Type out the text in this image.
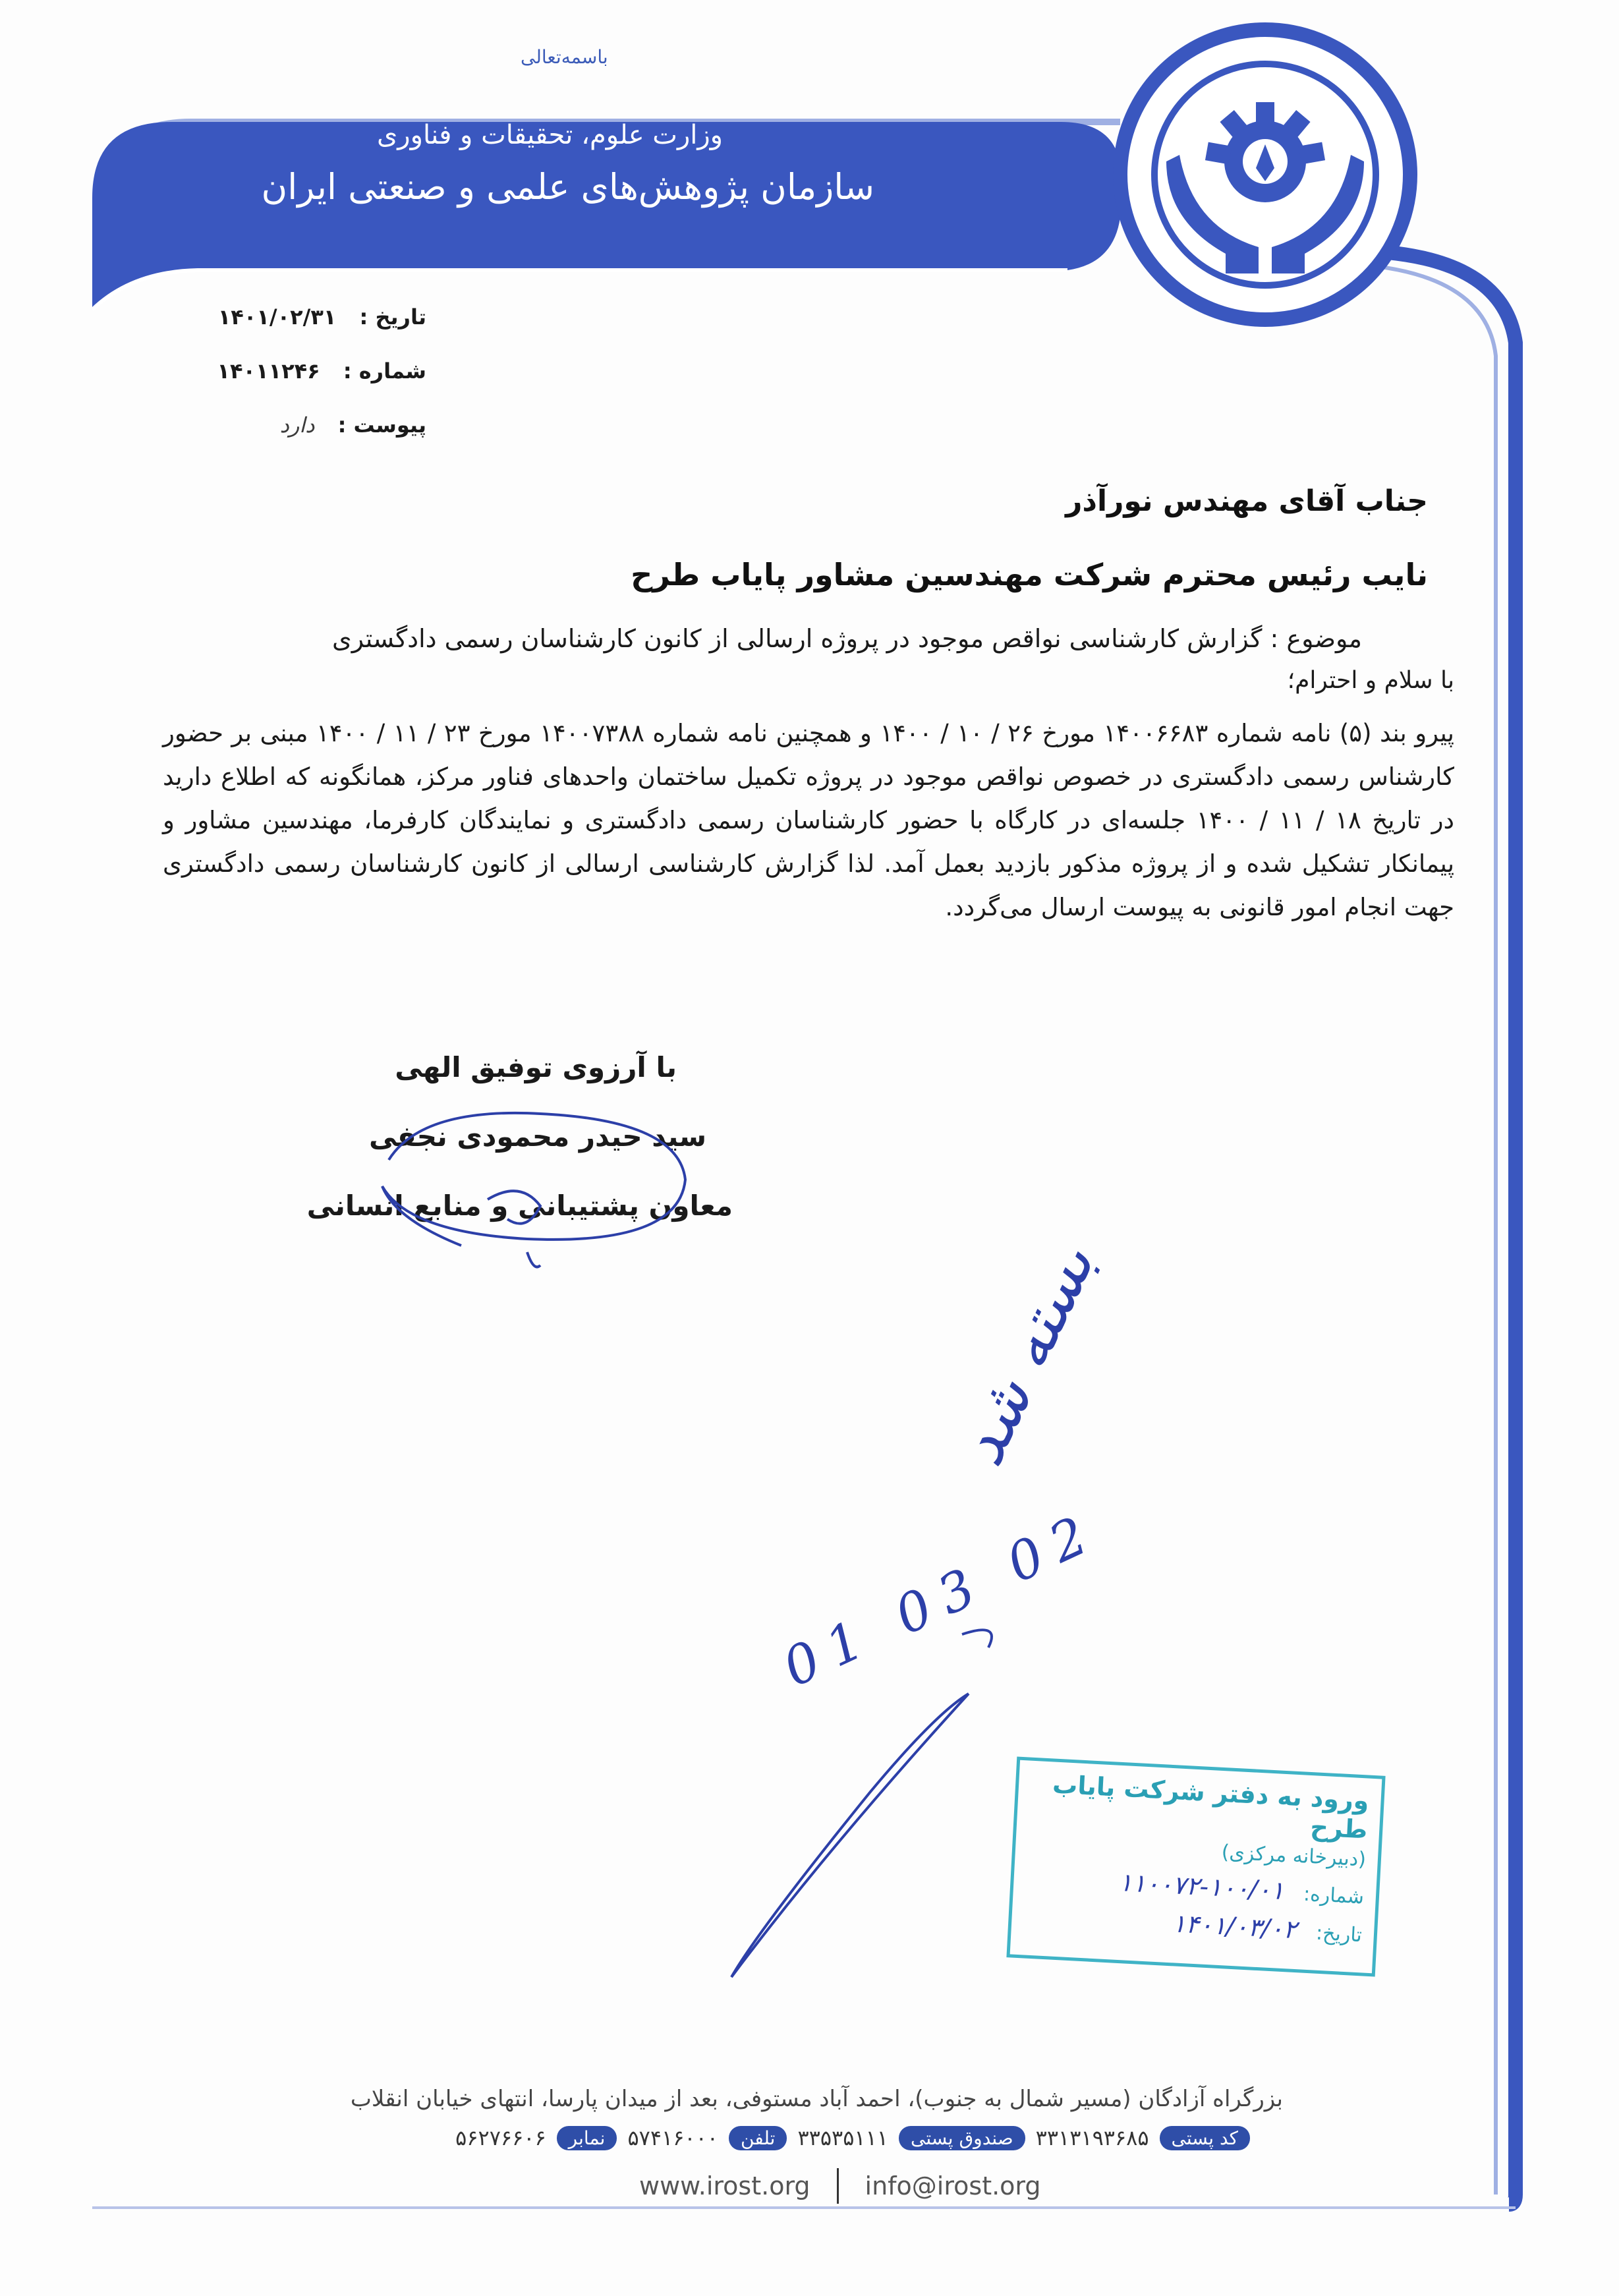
باسمه‌تعالی
وزارت علوم، تحقیقات و فناوری
سازمان پژوهش‌های علمی و صنعتی ایران
تاریخ : ۱۴۰۱/۰۲/۳۱
شماره : ۱۴۰۱۱۲۴۶
پیوست : دارد
جناب آقای مهندس نورآذر
نایب رئیس محترم شرکت مهندسین مشاور پایاب طرح
موضوع : گزارش کارشناسی نواقص موجود در پروژه ارسالی از کانون کارشناسان رسمی دادگستری
با سلام و احترام؛

پیرو بند (۵) نامه شماره ۱۴۰۰۶۶۸۳ مورخ ۲۶ / ۱۰ / ۱۴۰۰ و همچنین نامه شماره ۱۴۰۰۷۳۸۸ مورخ ۲۳ / ۱۱ / ۱۴۰۰ مبنی بر حضور کارشناس رسمی دادگستری در خصوص نواقص موجود در پروژه تکمیل ساختمان واحدهای فناور مرکز، همانگونه که اطلاع دارید در تاریخ ۱۸ / ۱۱ / ۱۴۰۰ جلسه‌ای در کارگاه با حضور کارشناسان رسمی دادگستری و نمایندگان کارفرما، مهندسین مشاور و پیمانکار تشکیل شده و از پروژه مذکور بازدید بعمل آمد. لذا گزارش کارشناسی ارسالی از کانون کارشناسان رسمی دادگستری جهت انجام امور قانونی به پیوست ارسال می‌گردد.

با آرزوی توفیق الهی
سید حیدر محمودی نجفی
معاون پشتیبانی و منابع انسانی
بسته شد
01 03 02
ورود به دفتر شرکت پایاب طرح
(دبیرخانه مرکزی)
شماره: ۱۰۰/۰۱-۱۱۰۰۷۲
تاریخ: ۱۴۰۱/۰۳/۰۲
بزرگراه آزادگان (مسیر شمال به جنوب)، احمد آباد مستوفی، بعد از میدان پارسا، انتهای خیابان انقلاب
کد پستی
۳۳۱۳۱۹۳۶۸۵
صندوق پستی
۳۳۵۳۵۱۱۱
تلفن
۵۷۴۱۶۰۰۰
نمابر
۵۶۲۷۶۶۰۶
www.irost.org info@irost.org
